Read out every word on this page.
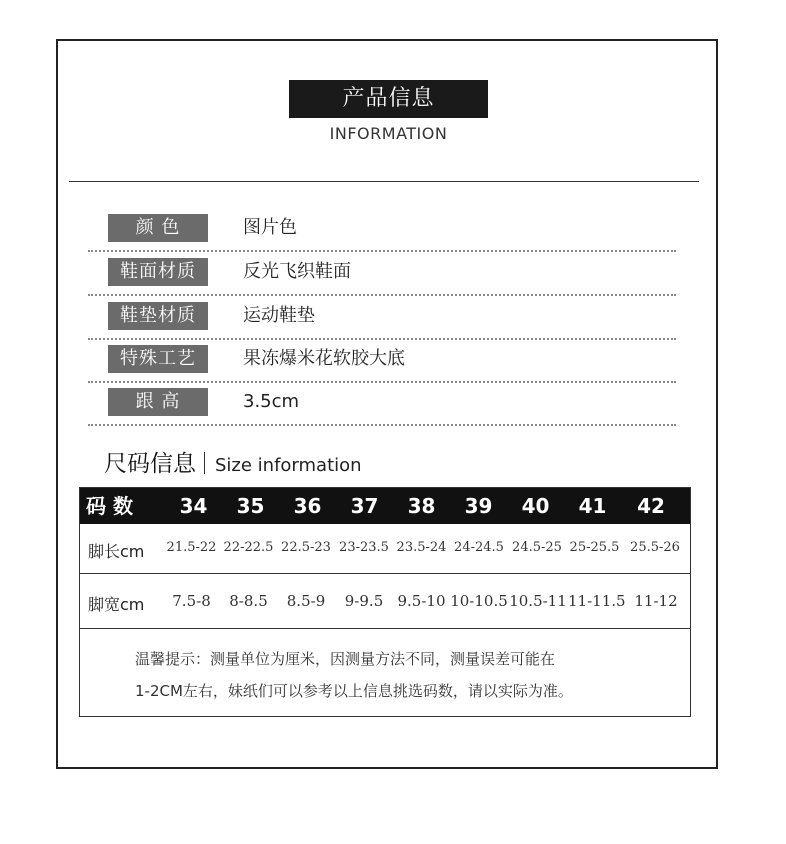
产品信息
INFORMATION
颜 色	图片色
鞋面材质	反光飞织鞋面
鞋垫材质	运动鞋垫
特殊工艺	果冻爆米花软胶大底
跟 高	3.5cm
尺码信息 Size information
码 数	34	35	36	37	38	39	40	41	42
脚长cm 21.5-22 22-22.5 22.5-23 23-23.5 23.5-24 24-24.5 24.5-25 25-25.5 25.5-26
脚宽cm	7.5-8	8-8.5	8.5-9	9-9.5 9.5-10 10-10.5 10.5-11 11-11.5 11-12
温馨提示：测量单位为厘米，因测量方法不同，测量误差可能在
1-2CM左右，妹纸们可以参考以上信息挑选码数，请以实际为准。
